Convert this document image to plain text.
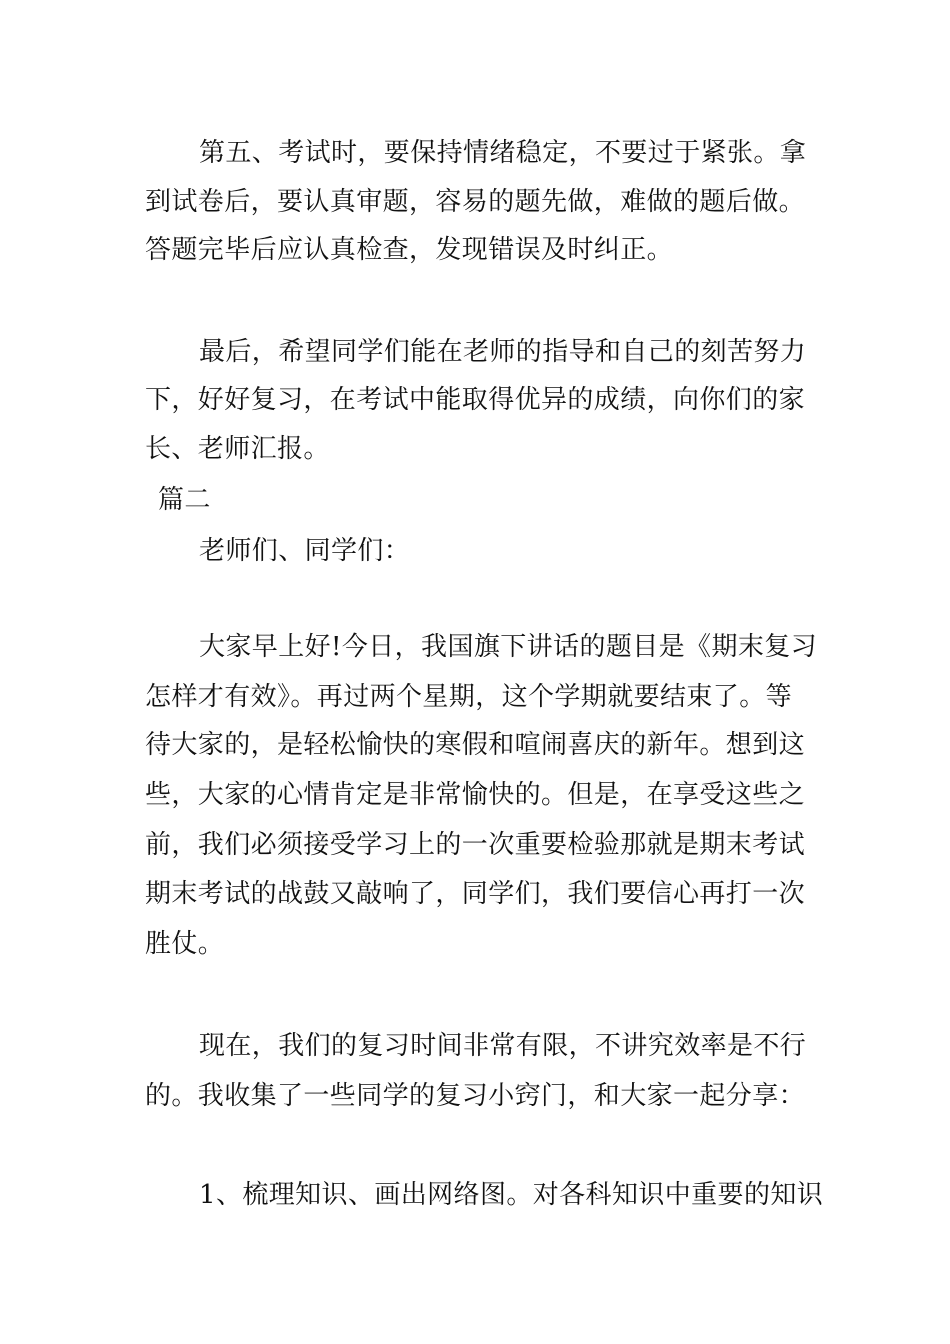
第五、考试时，要保持情绪稳定，不要过于紧张。拿
到试卷后，要认真审题，容易的题先做，难做的题后做。
答题完毕后应认真检查，发现错误及时纠正。
最后，希望同学们能在老师的指导和自己的刻苦努力
下，好好复习，在考试中能取得优异的成绩，向你们的家
长、老师汇报。
篇二
老师们、同学们：
大家早上好!今日，我国旗下讲话的题目是《期末复习
怎样才有效》。再过两个星期，这个学期就要结束了。等
待大家的，是轻松愉快的寒假和喧闹喜庆的新年。想到这
些，大家的心情肯定是非常愉快的。但是，在享受这些之
前，我们必须接受学习上的一次重要检验那就是期末考试
期末考试的战鼓又敲响了，同学们，我们要信心再打一次
胜仗。
现在，我们的复习时间非常有限，不讲究效率是不行
的。我收集了一些同学的复习小窍门，和大家一起分享：
1、梳理知识、画出网络图。对各科知识中重要的知识
